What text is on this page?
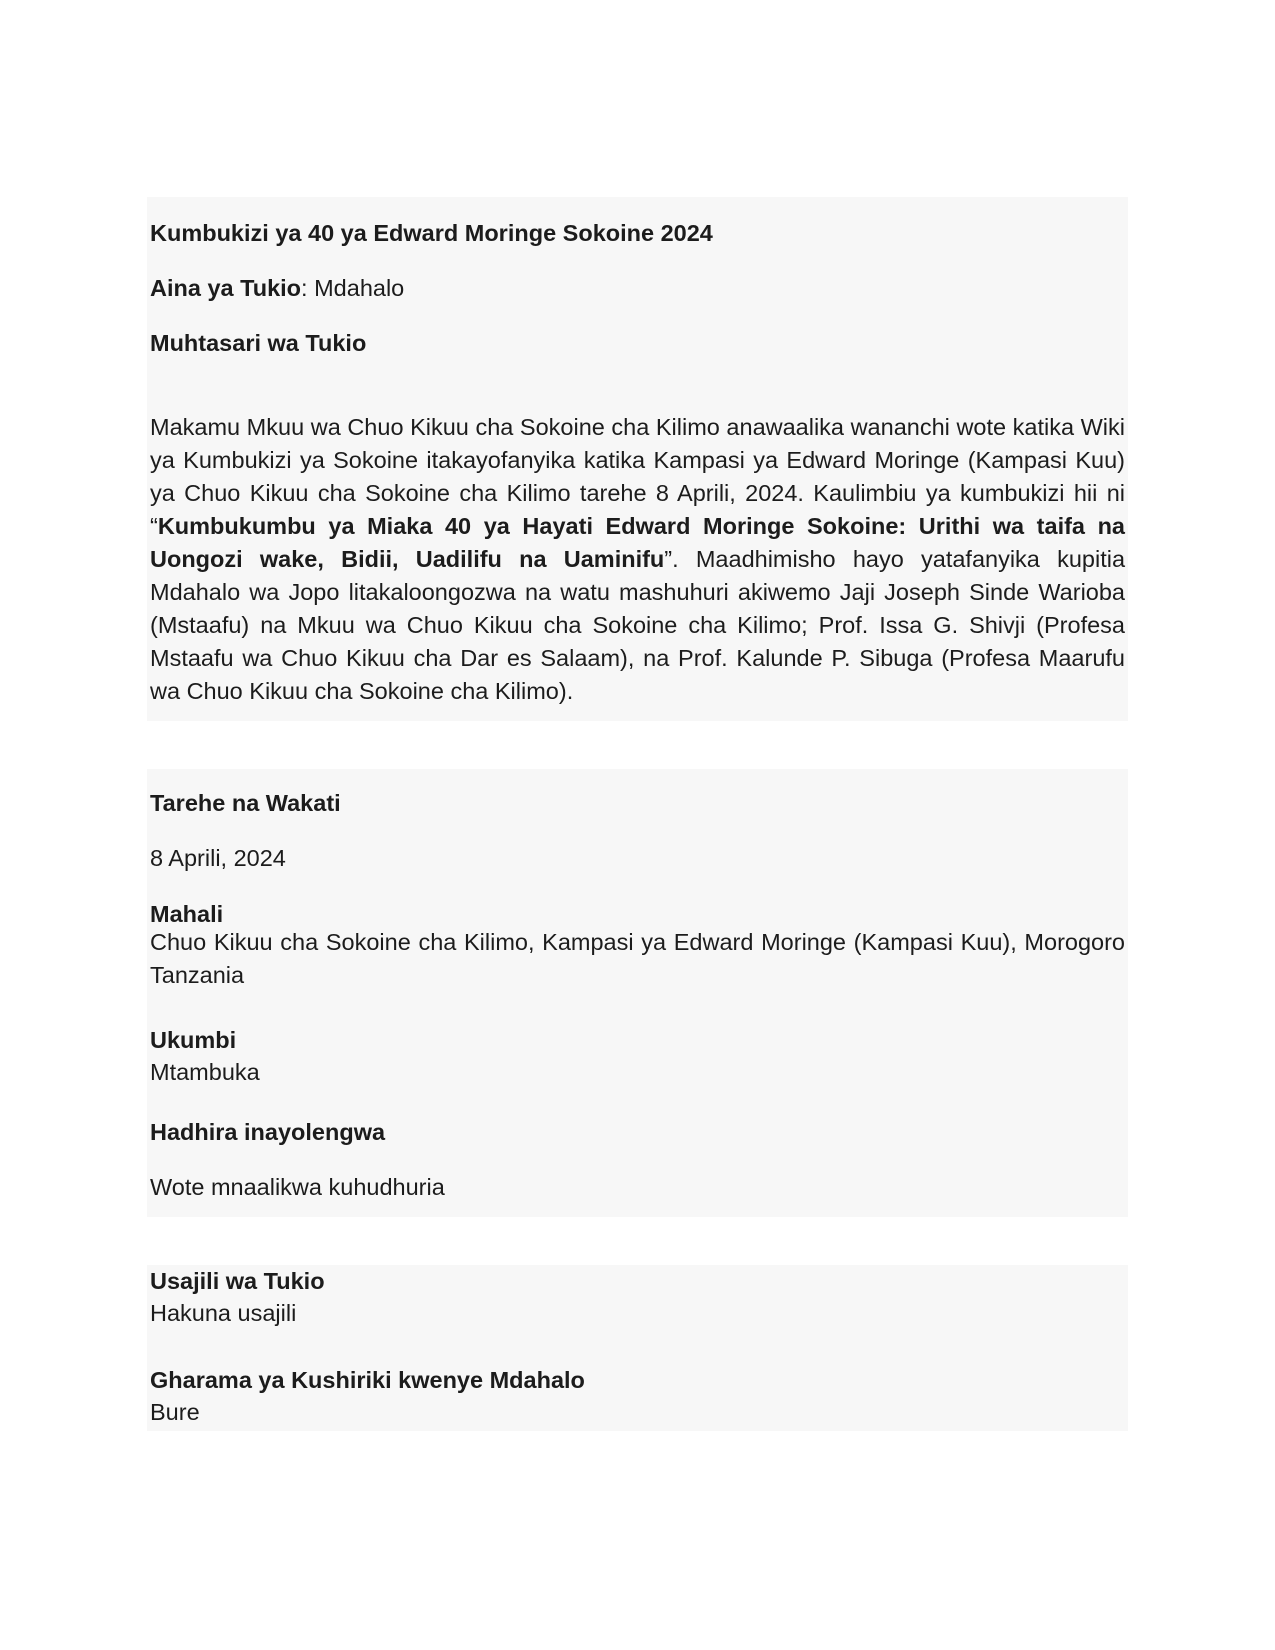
Kumbukizi ya 40 ya Edward Moringe Sokoine 2024

Aina ya Tukio: Mdahalo

Muhtasari wa Tukio

Makamu Mkuu wa Chuo Kikuu cha Sokoine cha Kilimo anawaalika wananchi wote katika Wiki ya Kumbukizi ya Sokoine itakayofanyika katika Kampasi ya Edward Moringe (Kampasi Kuu) ya Chuo Kikuu cha Sokoine cha Kilimo tarehe 8 Aprili, 2024. Kaulimbiu ya kumbukizi hii ni “Kumbukumbu ya Miaka 40 ya Hayati Edward Moringe Sokoine: Urithi wa taifa na Uongozi wake, Bidii, Uadilifu na Uaminifu”. Maadhimisho hayo yatafanyika kupitia Mdahalo wa Jopo litakaloongozwa na watu mashuhuri akiwemo Jaji Joseph Sinde Warioba (Mstaafu) na Mkuu wa Chuo Kikuu cha Sokoine cha Kilimo; Prof. Issa G. Shivji (Profesa Mstaafu wa Chuo Kikuu cha Dar es Salaam), na Prof. Kalunde P. Sibuga (Profesa Maarufu wa Chuo Kikuu cha Sokoine cha Kilimo).

Tarehe na Wakati

8 Aprili, 2024

Mahali

Chuo Kikuu cha Sokoine cha Kilimo, Kampasi ya Edward Moringe (Kampasi Kuu), Morogoro Tanzania

Ukumbi

Mtambuka

Hadhira inayolengwa

Wote mnaalikwa kuhudhuria

Usajili wa Tukio

Hakuna usajili

Gharama ya Kushiriki kwenye Mdahalo

Bure
